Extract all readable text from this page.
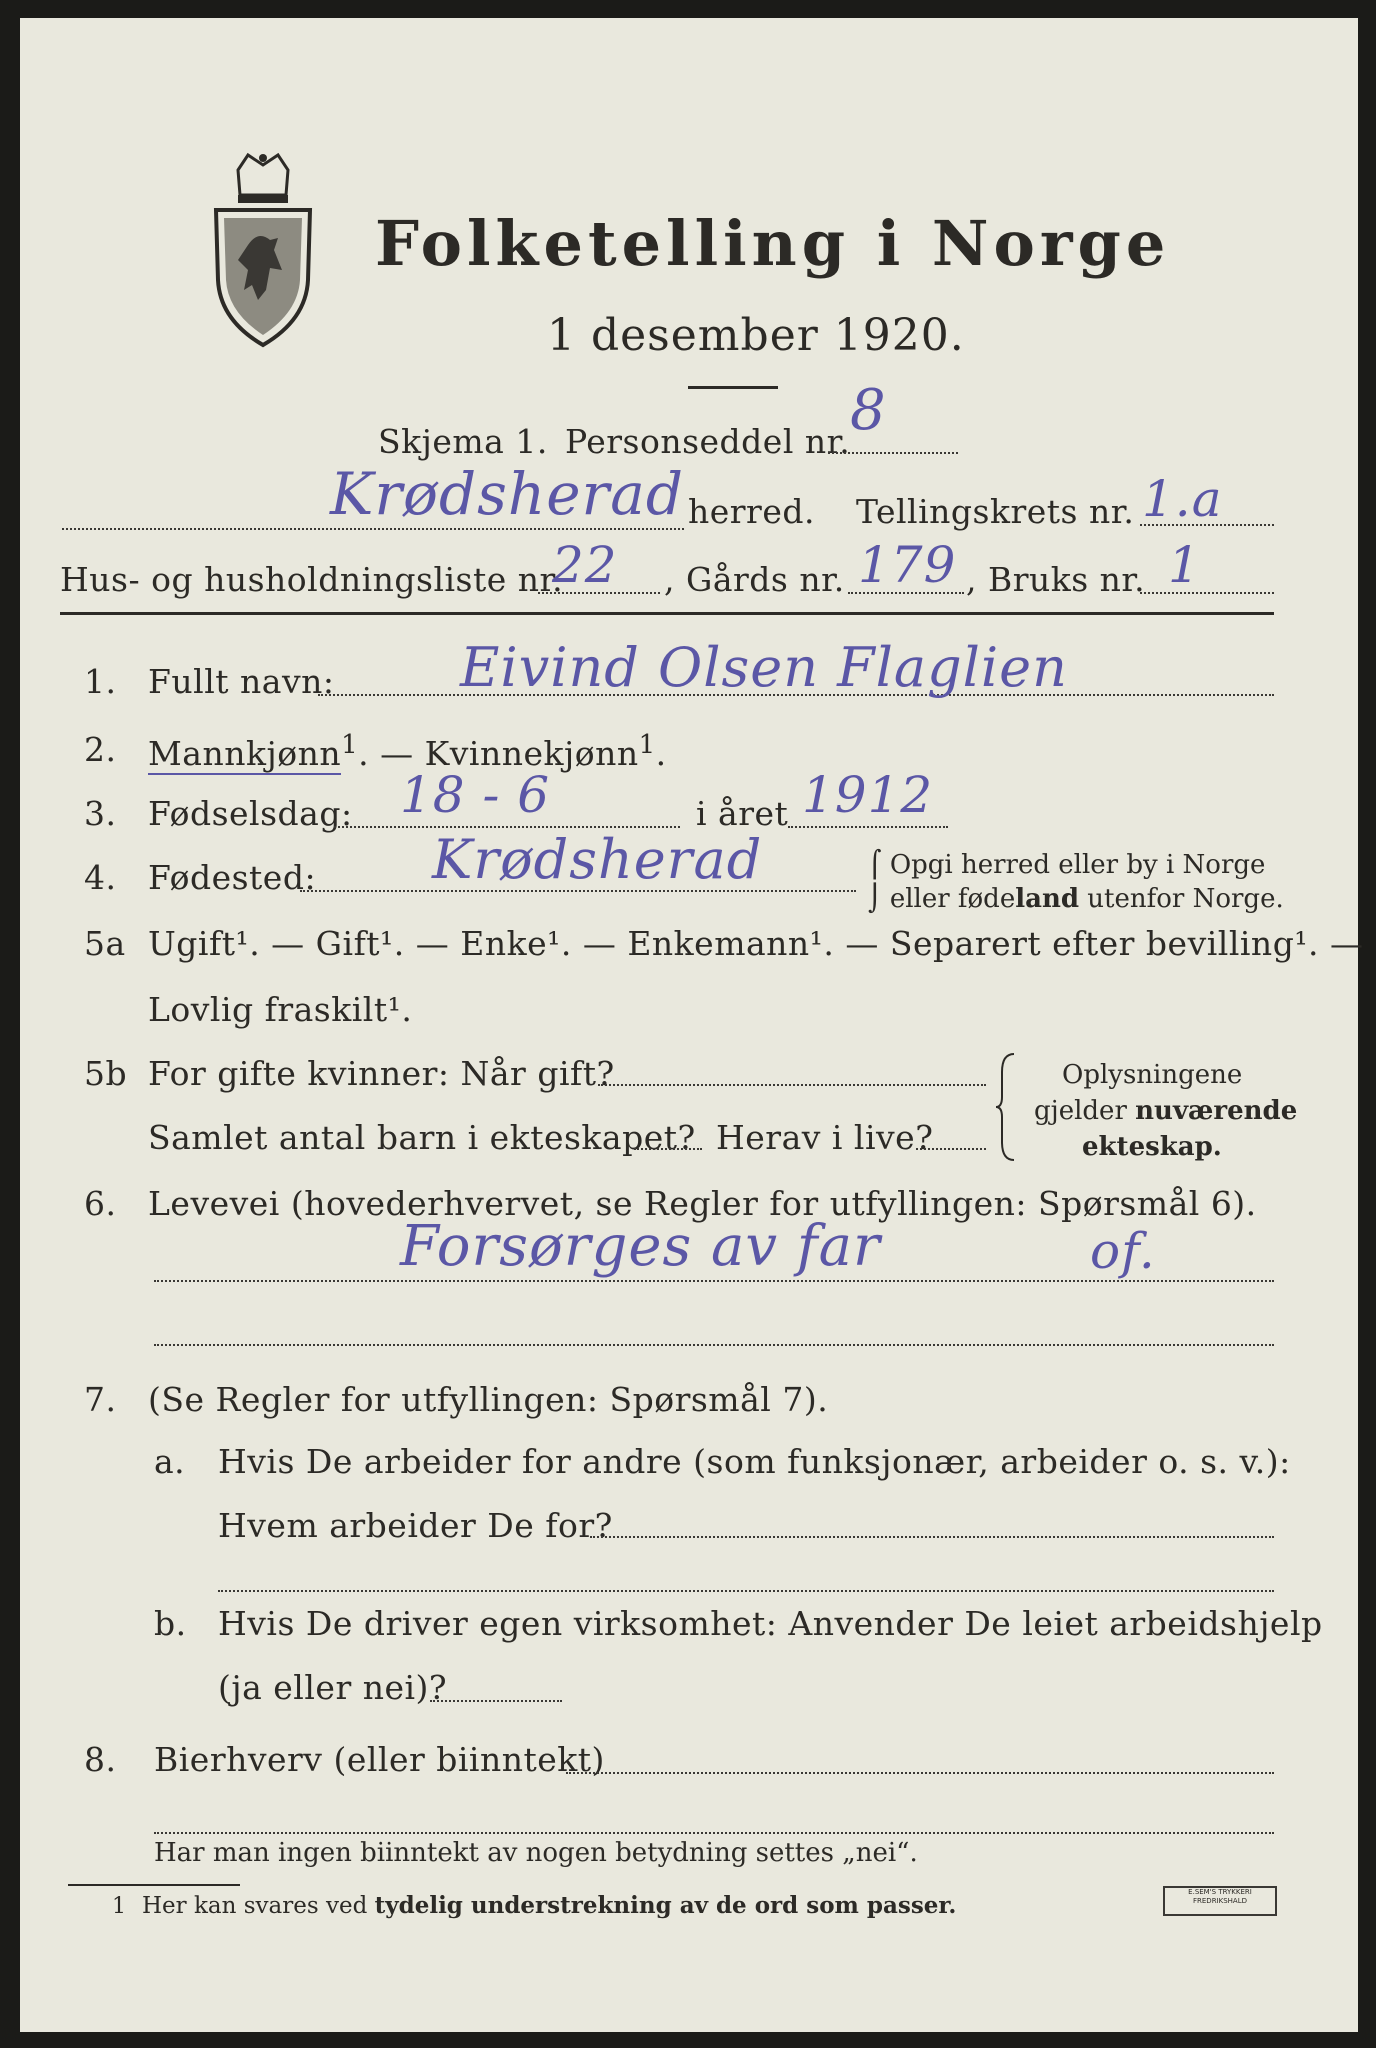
Folketelling i Norge
1 desember 1920.
Skjema 1. Personseddel nr. 8
Krødsherad herred. Tellingskrets nr. 1.a
Hus- og husholdningsliste nr.
22 , Gårds nr. 179 , Bruks nr. 1
1. Fullt navn: Eivind Olsen Flaglien
2. Mannkjønn$^1$. — Kvinnekjønn$^1$.
3. Fødselsdag: 18 - 6	i året 1912
4. Fødested: Krødsherad	⌠ Opgi herred eller by i Norge
⌡ eller fødeland utenfor Norge.
5a Ugift¹. — Gift¹. — Enke¹. — Enkemann¹. — Separert efter bevilling¹. —
Lovlig fraskilt¹.
5b For gifte kvinner: Når gift?
Samlet antal barn i ekteskapet? Herav i live?
Oplysningene
gjelder nuværende
ekteskap.
6. Levevei (hovederhvervet, se Regler for utfyllingen: Spørsmål 6).
Forsørges av far	of.
7. (Se Regler for utfyllingen: Spørsmål 7).
a. Hvis De arbeider for andre (som funksjonær, arbeider o. s. v.):
Hvem arbeider De for?
b. Hvis De driver egen virksomhet: Anvender De leiet arbeidshjelp
(ja eller nei)?
8. Bierhverv (eller biinntekt)
Har man ingen biinntekt av nogen betydning settes „nei“.
1 Her kan svares ved tydelig understrekning av de ord som passer.	E.SEM'S TRYKKERI FREDRIKSHALD
